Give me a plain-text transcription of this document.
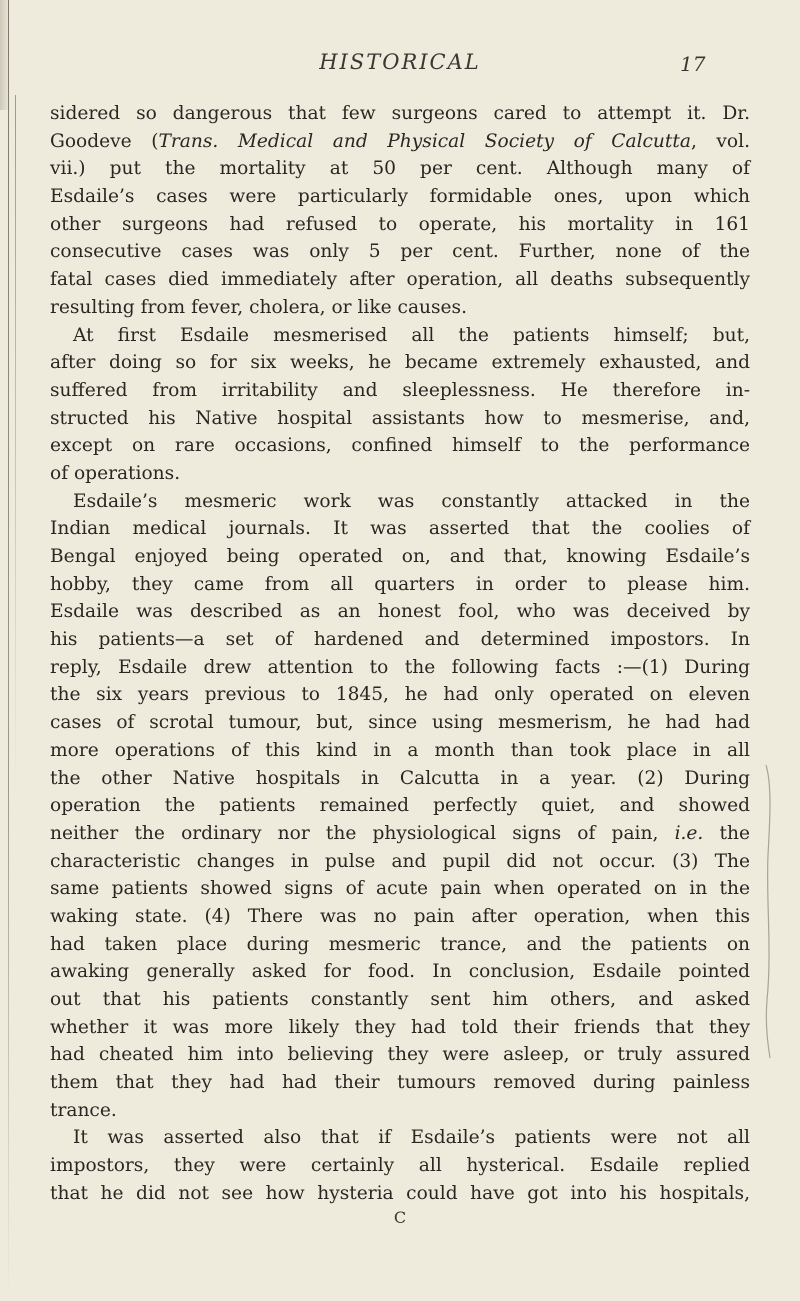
HISTORICAL	17
sidered so dangerous that few surgeons cared to attempt it. Dr.
Goodeve (Trans. Medical and Physical Society of Calcutta, vol.
vii.) put the mortality at 50 per cent. Although many of
Esdaile’s cases were particularly formidable ones, upon which
other surgeons had refused to operate, his mortality in 161
consecutive cases was only 5 per cent. Further, none of the
fatal cases died immediately after operation, all deaths subsequently
resulting from fever, cholera, or like causes.
At first Esdaile mesmerised all the patients himself; but,
after doing so for six weeks, he became extremely exhausted, and
suffered from irritability and sleeplessness. He therefore in-
structed his Native hospital assistants how to mesmerise, and,
except on rare occasions, confined himself to the performance
of operations.
Esdaile’s mesmeric work was constantly attacked in the
Indian medical journals. It was asserted that the coolies of
Bengal enjoyed being operated on, and that, knowing Esdaile’s
hobby, they came from all quarters in order to please him.
Esdaile was described as an honest fool, who was deceived by
his patients—a set of hardened and determined impostors. In
reply, Esdaile drew attention to the following facts :—(1) During
the six years previous to 1845, he had only operated on eleven
cases of scrotal tumour, but, since using mesmerism, he had had
more operations of this kind in a month than took place in all
the other Native hospitals in Calcutta in a year. (2) During
operation the patients remained perfectly quiet, and showed
neither the ordinary nor the physiological signs of pain, i.e. the
characteristic changes in pulse and pupil did not occur. (3) The
same patients showed signs of acute pain when operated on in the
waking state. (4) There was no pain after operation, when this
had taken place during mesmeric trance, and the patients on
awaking generally asked for food. In conclusion, Esdaile pointed
out that his patients constantly sent him others, and asked
whether it was more likely they had told their friends that they
had cheated him into believing they were asleep, or truly assured
them that they had had their tumours removed during painless
trance.
It was asserted also that if Esdaile’s patients were not all
impostors, they were certainly all hysterical. Esdaile replied
that he did not see how hysteria could have got into his hospitals,
C
